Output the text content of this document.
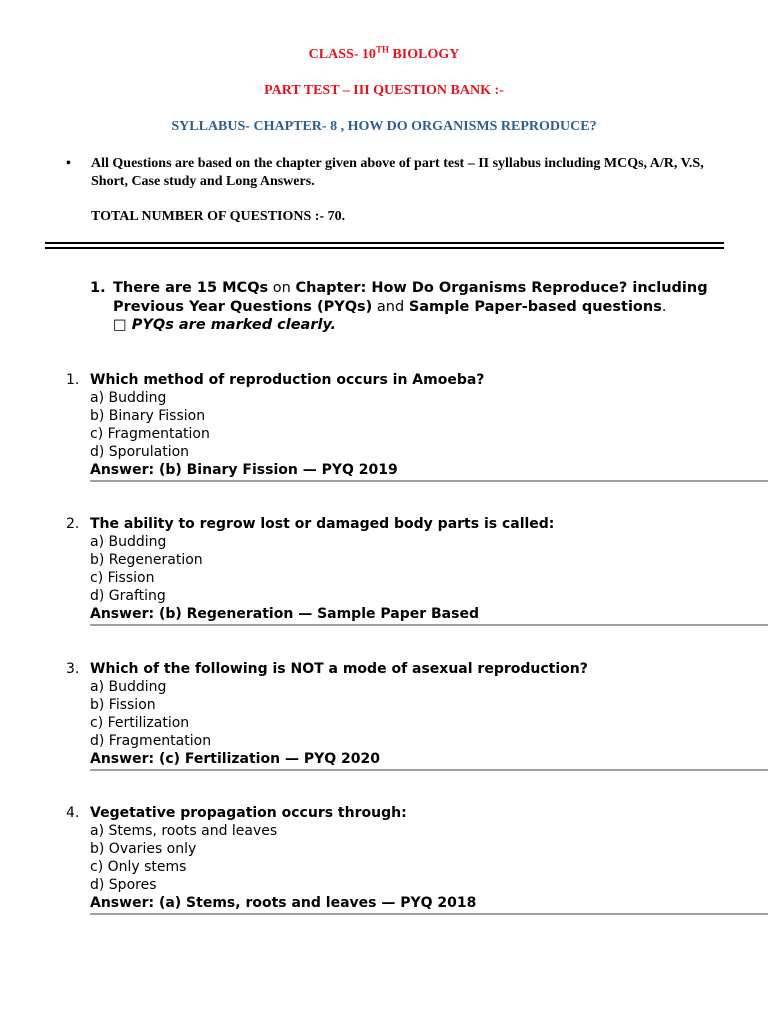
CLASS- 10TH BIOLOGY
PART TEST – III QUESTION BANK :-
SYLLABUS- CHAPTER- 8 , HOW DO ORGANISMS REPRODUCE?
• All Questions are based on the chapter given above of part test – II syllabus including MCQs, A/R, V.S, Short, Case study and Long Answers.
TOTAL NUMBER OF QUESTIONS :- 70.
1. There are 15 MCQs on Chapter: How Do Organisms Reproduce? including Previous Year Questions (PYQs) and Sample Paper-based questions.
□ PYQs are marked clearly.
1. Which method of reproduction occurs in Amoeba?
a) Budding
b) Binary Fission
c) Fragmentation
d) Sporulation
Answer: (b) Binary Fission — PYQ 2019
2. The ability to regrow lost or damaged body parts is called:
a) Budding
b) Regeneration
c) Fission
d) Grafting
Answer: (b) Regeneration — Sample Paper Based
3. Which of the following is NOT a mode of asexual reproduction?
a) Budding
b) Fission
c) Fertilization
d) Fragmentation
Answer: (c) Fertilization — PYQ 2020
4. Vegetative propagation occurs through:
a) Stems, roots and leaves
b) Ovaries only
c) Only stems
d) Spores
Answer: (a) Stems, roots and leaves — PYQ 2018
